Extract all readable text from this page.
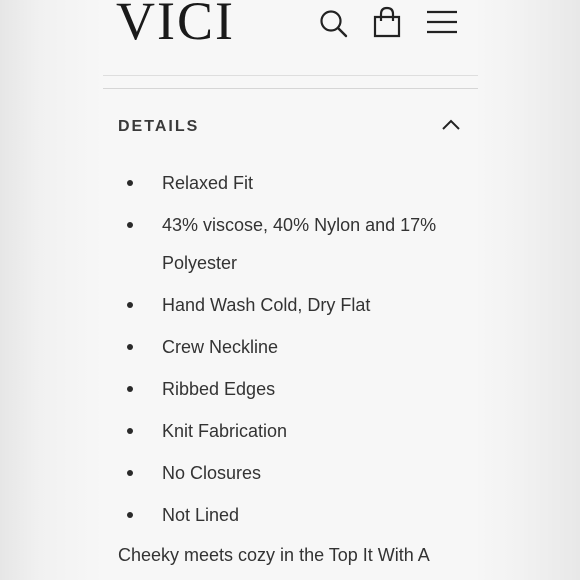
VICI
DETAILS
Relaxed Fit
43% viscose, 40% Nylon and 17% Polyester
Hand Wash Cold, Dry Flat
Crew Neckline
Ribbed Edges
Knit Fabrication
No Closures
Not Lined

Cheeky meets cozy in the Top It With A
